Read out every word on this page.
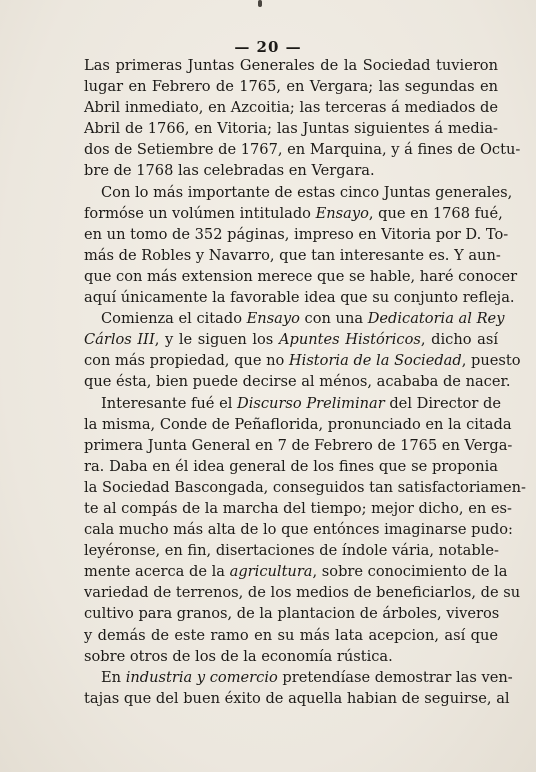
— 20 —
Las primeras Juntas Generales de la Sociedad tuvieron
lugar en Febrero de 1765, en Vergara; las segundas en
Abril inmediato, en Azcoitia; las terceras á mediados de
Abril de 1766, en Vitoria; las Juntas siguientes á media-
dos de Setiembre de 1767, en Marquina, y á fines de Octu-
bre de 1768 las celebradas en Vergara.
Con lo más importante de estas cinco Juntas generales,
formóse un volúmen intitulado Ensayo, que en 1768 fué,
en un tomo de 352 páginas, impreso en Vitoria por D. To-
más de Robles y Navarro, que tan interesante es. Y aun-
que con más extension merece que se hable, haré conocer
aquí únicamente la favorable idea que su conjunto refleja.
Comienza el citado Ensayo con una Dedicatoria al Rey
Cárlos III, y le siguen los Apuntes Históricos, dicho así
con más propiedad, que no Historia de la Sociedad, puesto
que ésta, bien puede decirse al ménos, acababa de nacer.
Interesante fué el Discurso Preliminar del Director de
la misma, Conde de Peñaflorida, pronunciado en la citada
primera Junta General en 7 de Febrero de 1765 en Verga-
ra. Daba en él idea general de los fines que se proponia
la Sociedad Bascongada, conseguidos tan satisfactoriamen-
te al compás de la marcha del tiempo; mejor dicho, en es-
cala mucho más alta de lo que entónces imaginarse pudo:
leyéronse, en fin, disertaciones de índole vária, notable-
mente acerca de la agricultura, sobre conocimiento de la
variedad de terrenos, de los medios de beneficiarlos, de su
cultivo para granos, de la plantacion de árboles, viveros
y demás de este ramo en su más lata acepcion, así que
sobre otros de los de la economía rústica.
En industria y comercio pretendíase demostrar las ven-
tajas que del buen éxito de aquella habian de seguirse, al
